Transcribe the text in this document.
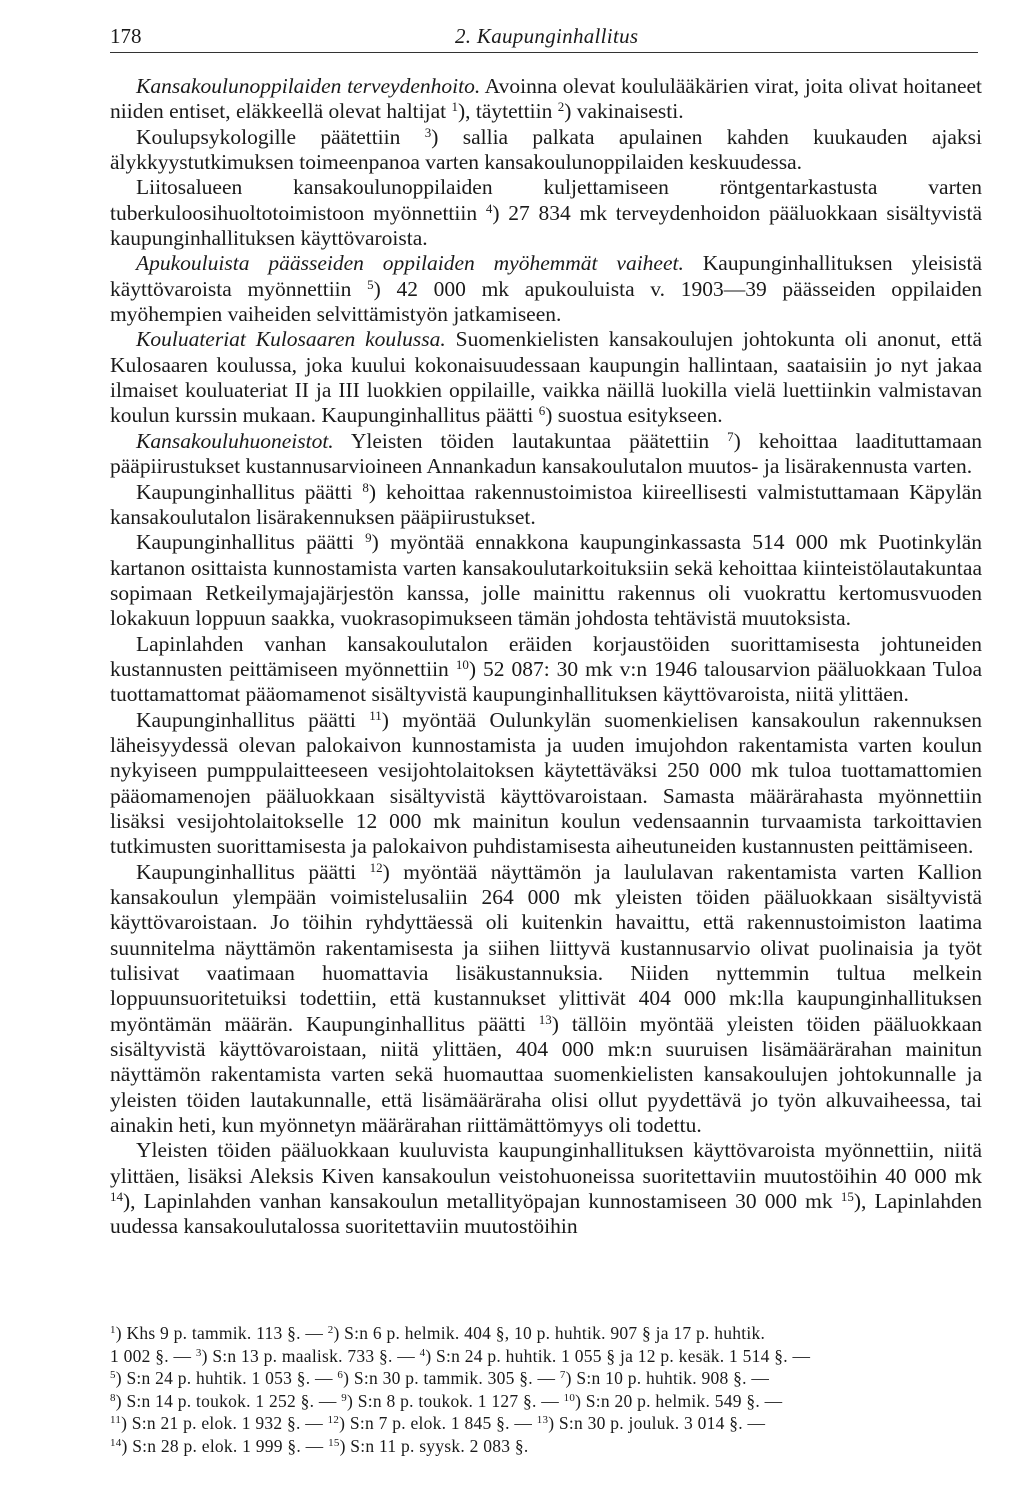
178	2. Kaupunginhallitus

Kansakoulunoppilaiden terveydenhoito. Avoinna olevat koululääkärien virat, joita olivat hoitaneet niiden entiset, eläkkeellä olevat haltijat $^1$), täytettiin $^2$) vakinaisesti.

Koulupsykologille päätettiin $^3$) sallia palkata apulainen kahden kuukauden ajaksi älykkyystutkimuksen toimeenpanoa varten kansakoulunoppilaiden keskuudessa.

Liitosalueen kansakoulunoppilaiden kuljettamiseen röntgentarkastusta varten tuberkuloosihuoltotoimistoon myönnettiin $^4$) 27 834 mk terveydenhoidon pääluokkaan sisältyvistä kaupunginhallituksen käyttövaroista.

Apukouluista päässeiden oppilaiden myöhemmät vaiheet. Kaupunginhallituksen yleisistä käyttövaroista myönnettiin $^5$) 42 000 mk apukouluista v. 1903—39 päässeiden oppilaiden myöhempien vaiheiden selvittämistyön jatkamiseen.

Kouluateriat Kulosaaren koulussa. Suomenkielisten kansakoulujen johtokunta oli anonut, että Kulosaaren koulussa, joka kuului kokonaisuudessaan kaupungin hallintaan, saataisiin jo nyt jakaa ilmaiset kouluateriat II ja III luokkien oppilaille, vaikka näillä luokilla vielä luettiinkin valmistavan koulun kurssin mukaan. Kaupunginhallitus päätti $^6$) suostua esitykseen.

Kansakouluhuoneistot. Yleisten töiden lautakuntaa päätettiin $^7$) kehoittaa laadituttamaan pääpiirustukset kustannusarvioineen Annankadun kansakoulutalon muutos- ja lisärakennusta varten.

Kaupunginhallitus päätti $^8$) kehoittaa rakennustoimistoa kiireellisesti valmistuttamaan Käpylän kansakoulutalon lisärakennuksen pääpiirustukset.

Kaupunginhallitus päätti $^9$) myöntää ennakkona kaupunginkassasta 514 000 mk Puotinkylän kartanon osittaista kunnostamista varten kansakoulutarkoituksiin sekä kehoittaa kiinteistölautakuntaa sopimaan Retkeilymajajärjestön kanssa, jolle mainittu rakennus oli vuokrattu kertomusvuoden lokakuun loppuun saakka, vuokrasopimukseen tämän johdosta tehtävistä muutoksista.

Lapinlahden vanhan kansakoulutalon eräiden korjaustöiden suorittamisesta johtuneiden kustannusten peittämiseen myönnettiin $^{10}$) 52 087: 30 mk v:n 1946 talousarvion pääluokkaan Tuloa tuottamattomat pääomamenot sisältyvistä kaupunginhallituksen käyttövaroista, niitä ylittäen.

Kaupunginhallitus päätti $^{11}$) myöntää Oulunkylän suomenkielisen kansakoulun rakennuksen läheisyydessä olevan palokaivon kunnostamista ja uuden imujohdon rakentamista varten koulun nykyiseen pumppulaitteeseen vesijohtolaitoksen käytettäväksi 250 000 mk tuloa tuottamattomien pääomamenojen pääluokkaan sisältyvistä käyttövaroistaan. Samasta määrärahasta myönnettiin lisäksi vesijohtolaitokselle 12 000 mk mainitun koulun vedensaannin turvaamista tarkoittavien tutkimusten suorittamisesta ja palokaivon puhdistamisesta aiheutuneiden kustannusten peittämiseen.

Kaupunginhallitus päätti $^{12}$) myöntää näyttämön ja laululavan rakentamista varten Kallion kansakoulun ylempään voimistelusaliin 264 000 mk yleisten töiden pääluokkaan sisältyvistä käyttövaroistaan. Jo töihin ryhdyttäessä oli kuitenkin havaittu, että rakennustoimiston laatima suunnitelma näyttämön rakentamisesta ja siihen liittyvä kustannusarvio olivat puolinaisia ja työt tulisivat vaatimaan huomattavia lisäkustannuksia. Niiden nyttemmin tultua melkein loppuunsuoritetuiksi todettiin, että kustannukset ylittivät 404 000 mk:lla kaupunginhallituksen myöntämän määrän. Kaupunginhallitus päätti $^{13}$) tällöin myöntää yleisten töiden pääluokkaan sisältyvistä käyttövaroistaan, niitä ylittäen, 404 000 mk:n suuruisen lisämäärärahan mainitun näyttämön rakentamista varten sekä huomauttaa suomenkielisten kansakoulujen johtokunnalle ja yleisten töiden lautakunnalle, että lisämääräraha olisi ollut pyydettävä jo työn alkuvaiheessa, tai ainakin heti, kun myönnetyn määrärahan riittämättömyys oli todettu.

Yleisten töiden pääluokkaan kuuluvista kaupunginhallituksen käyttövaroista myönnettiin, niitä ylittäen, lisäksi Aleksis Kiven kansakoulun veistohuoneissa suoritettaviin muutostöihin 40 000 mk $^{14}$), Lapinlahden vanhan kansakoulun metallityöpajan kunnostamiseen 30 000 mk $^{15}$), Lapinlahden uudessa kansakoulutalossa suoritettaviin muutostöihin

$^1$) Khs 9 p. tammik. 113 §. — $^2$) S:n 6 p. helmik. 404 §, 10 p. huhtik. 907 § ja 17 p. huhtik.

1 002 §. — $^3$) S:n 13 p. maalisk. 733 §. — $^4$) S:n 24 p. huhtik. 1 055 § ja 12 p. kesäk. 1 514 §. —

$^5$) S:n 24 p. huhtik. 1 053 §. — $^6$) S:n 30 p. tammik. 305 §. — $^7$) S:n 10 p. huhtik. 908 §. —

$^8$) S:n 14 p. toukok. 1 252 §. — $^9$) S:n 8 p. toukok. 1 127 §. — $^{10}$) S:n 20 p. helmik. 549 §. —

$^{11}$) S:n 21 p. elok. 1 932 §. — $^{12}$) S:n 7 p. elok. 1 845 §. — $^{13}$) S:n 30 p. jouluk. 3 014 §. —

$^{14}$) S:n 28 p. elok. 1 999 §. — $^{15}$) S:n 11 p. syysk. 2 083 §.
